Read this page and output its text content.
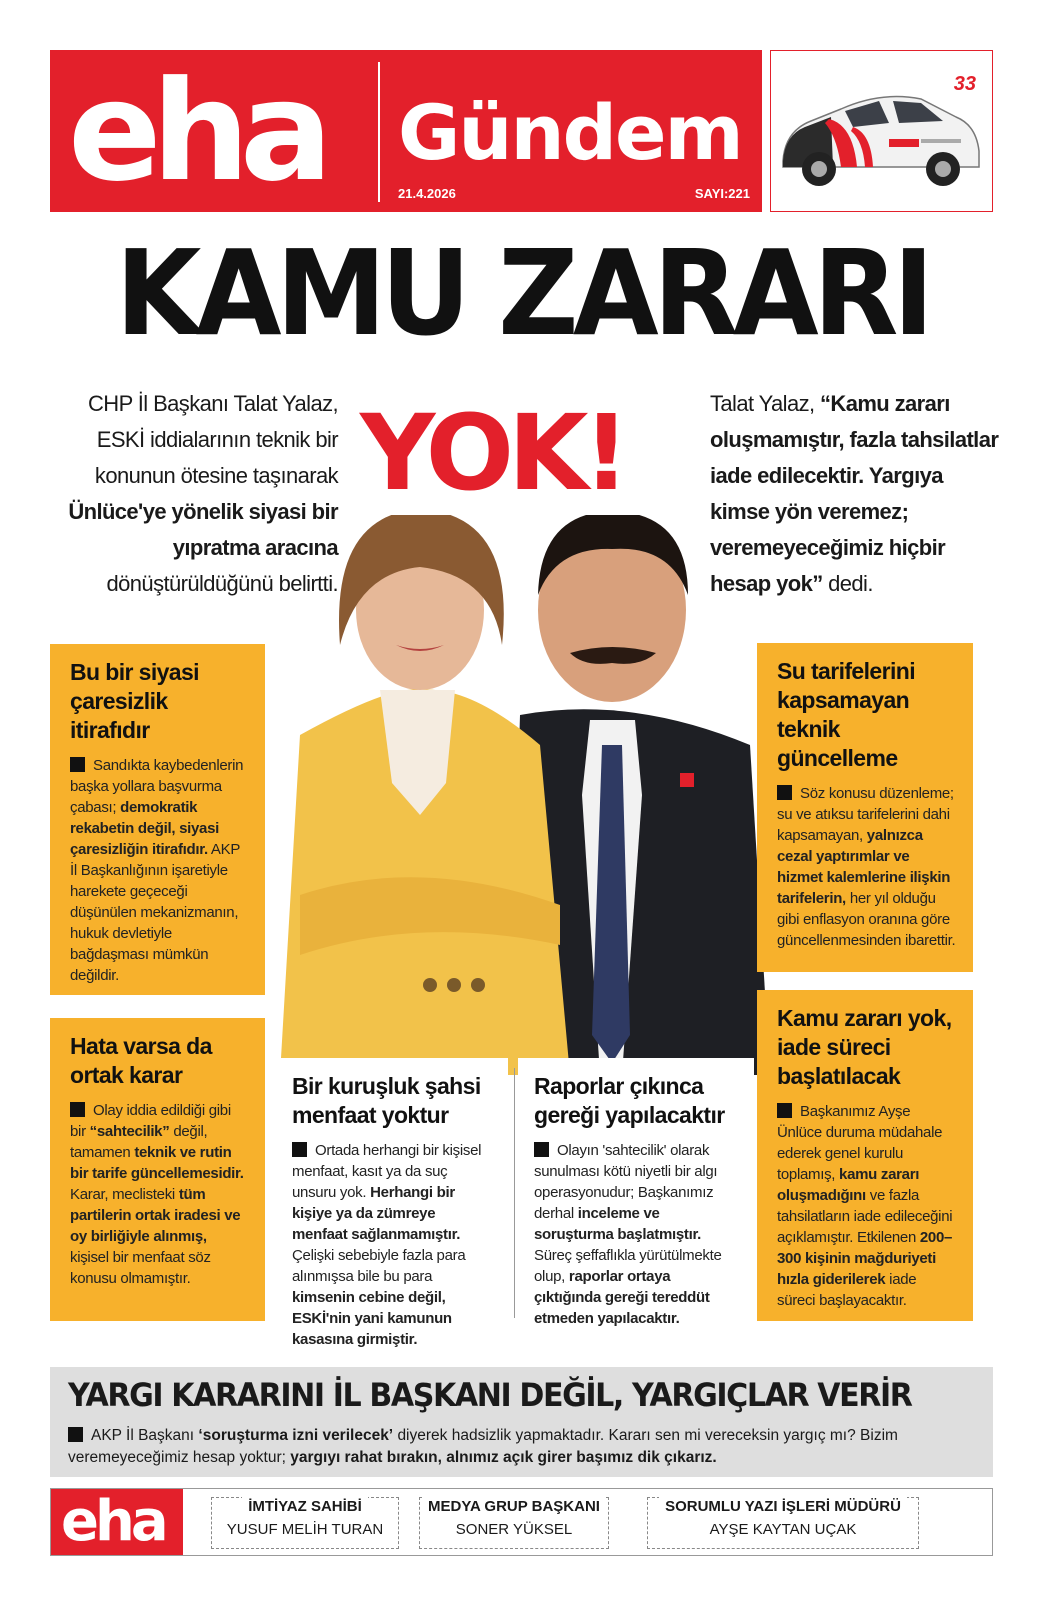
eha Gündem
21.4.2026	SAYI:221
33
KAMU ZARARI
YOK!
CHP İl Başkanı Talat Yalaz, ESKİ iddialarının teknik bir konunun ötesine taşınarak Ünlüce'ye yönelik siyasi bir yıpratma aracına dönüştürüldüğünü belirtti.
Talat Yalaz, “Kamu zararı oluşmamıştır, fazla tahsilatlar iade edilecektir. Yargıya kimse yön veremez; veremeyeceğimiz hiçbir hesap yok” dedi.
Bu bir siyasi çaresizlik itirafıdır

Sandıkta kaybedenlerin başka yollara başvurma çabası; demokratik rekabetin değil, siyasi çaresizliğin itirafıdır. AKP İl Başkanlığının işaretiyle harekete geçeceği düşünülen mekanizmanın, hukuk devletiyle bağdaşması mümkün değildir.

Hata varsa da ortak karar

Olay iddia edildiği gibi bir “sahtecilik” değil, tamamen teknik ve rutin bir tarife güncellemesidir. Karar, meclisteki tüm partilerin ortak iradesi ve oy birliğiyle alınmış, kişisel bir menfaat söz konusu olmamıştır.

Su tarifelerini kapsamayan teknik güncelleme

Söz konusu düzenleme; su ve atıksu tarifelerini dahi kapsamayan, yalnızca cezal yaptırımlar ve hizmet kalemlerine ilişkin tarifelerin, her yıl olduğu gibi enflasyon oranına göre güncellenmesinden ibarettir.

Kamu zararı yok, iade süreci başlatılacak

Başkanımız Ayşe Ünlüce duruma müdahale ederek genel kurulu toplamış, kamu zararı oluşmadığını ve fazla tahsilatların iade edileceğini açıklamıştır. Etkilenen 200–300 kişinin mağduriyeti hızla giderilerek iade süreci başlayacaktır.

Bir kuruşluk şahsi menfaat yoktur

Ortada herhangi bir kişisel menfaat, kasıt ya da suç unsuru yok. Herhangi bir kişiye ya da zümreye menfaat sağlanmamıştır. Çelişki sebebiyle fazla para alınmışsa bile bu para kimsenin cebine değil, ESKİ'nin yani kamunun kasasına girmiştir.

Raporlar çıkınca gereği yapılacaktır

Olayın 'sahtecilik' olarak sunulması kötü niyetli bir algı operasyonudur; Başkanımız derhal inceleme ve soruşturma başlatmıştır. Süreç şeffaflıkla yürütülmekte olup, raporlar ortaya çıktığında gereği tereddüt etmeden yapılacaktır.

YARGI KARARINI İL BAŞKANI DEĞİL, YARGIÇLAR VERİR

AKP İl Başkanı ‘soruşturma izni verilecek’ diyerek hadsizlik yapmaktadır. Kararı sen mi vereceksin yargıç mı? Bizim veremeyeceğimiz hesap yoktur; yargıyı rahat bırakın, alnımız açık girer başımız dik çıkarız.

eha	İMTİYAZ SAHİBİ
YUSUF MELİH TURAN
MEDYA GRUP BAŞKANI
SONER YÜKSEL
SORUMLU YAZI İŞLERİ MÜDÜRÜ
AYŞE KAYTAN UÇAK
